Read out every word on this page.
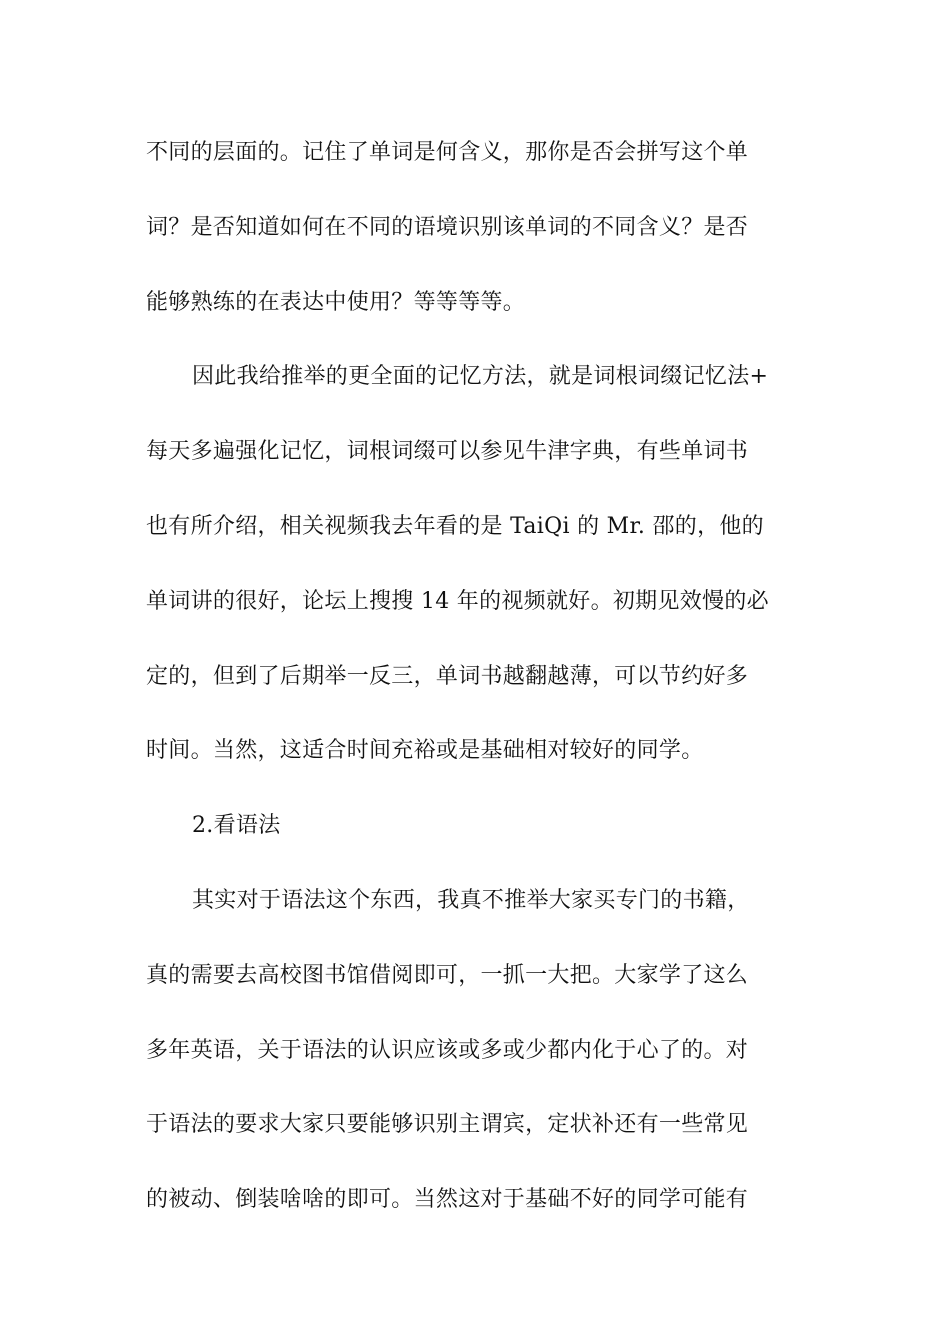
不同的层面的。记住了单词是何含义，那你是否会拼写这个单
词？是否知道如何在不同的语境识别该单词的不同含义？是否
能够熟练的在表达中使用？等等等等。
因此我给推举的更全面的记忆方法，就是词根词缀记忆法+
每天多遍强化记忆，词根词缀可以参见牛津字典，有些单词书
也有所介绍，相关视频我去年看的是 TaiQi 的 Mr. 邵的，他的
单词讲的很好，论坛上搜搜 14 年的视频就好。初期见效慢的必
定的，但到了后期举一反三，单词书越翻越薄，可以节约好多
时间。当然，这适合时间充裕或是基础相对较好的同学。
2.看语法
其实对于语法这个东西，我真不推举大家买专门的书籍，
真的需要去高校图书馆借阅即可，一抓一大把。大家学了这么
多年英语，关于语法的认识应该或多或少都内化于心了的。对
于语法的要求大家只要能够识别主谓宾，定状补还有一些常见
的被动、倒装啥啥的即可。当然这对于基础不好的同学可能有
